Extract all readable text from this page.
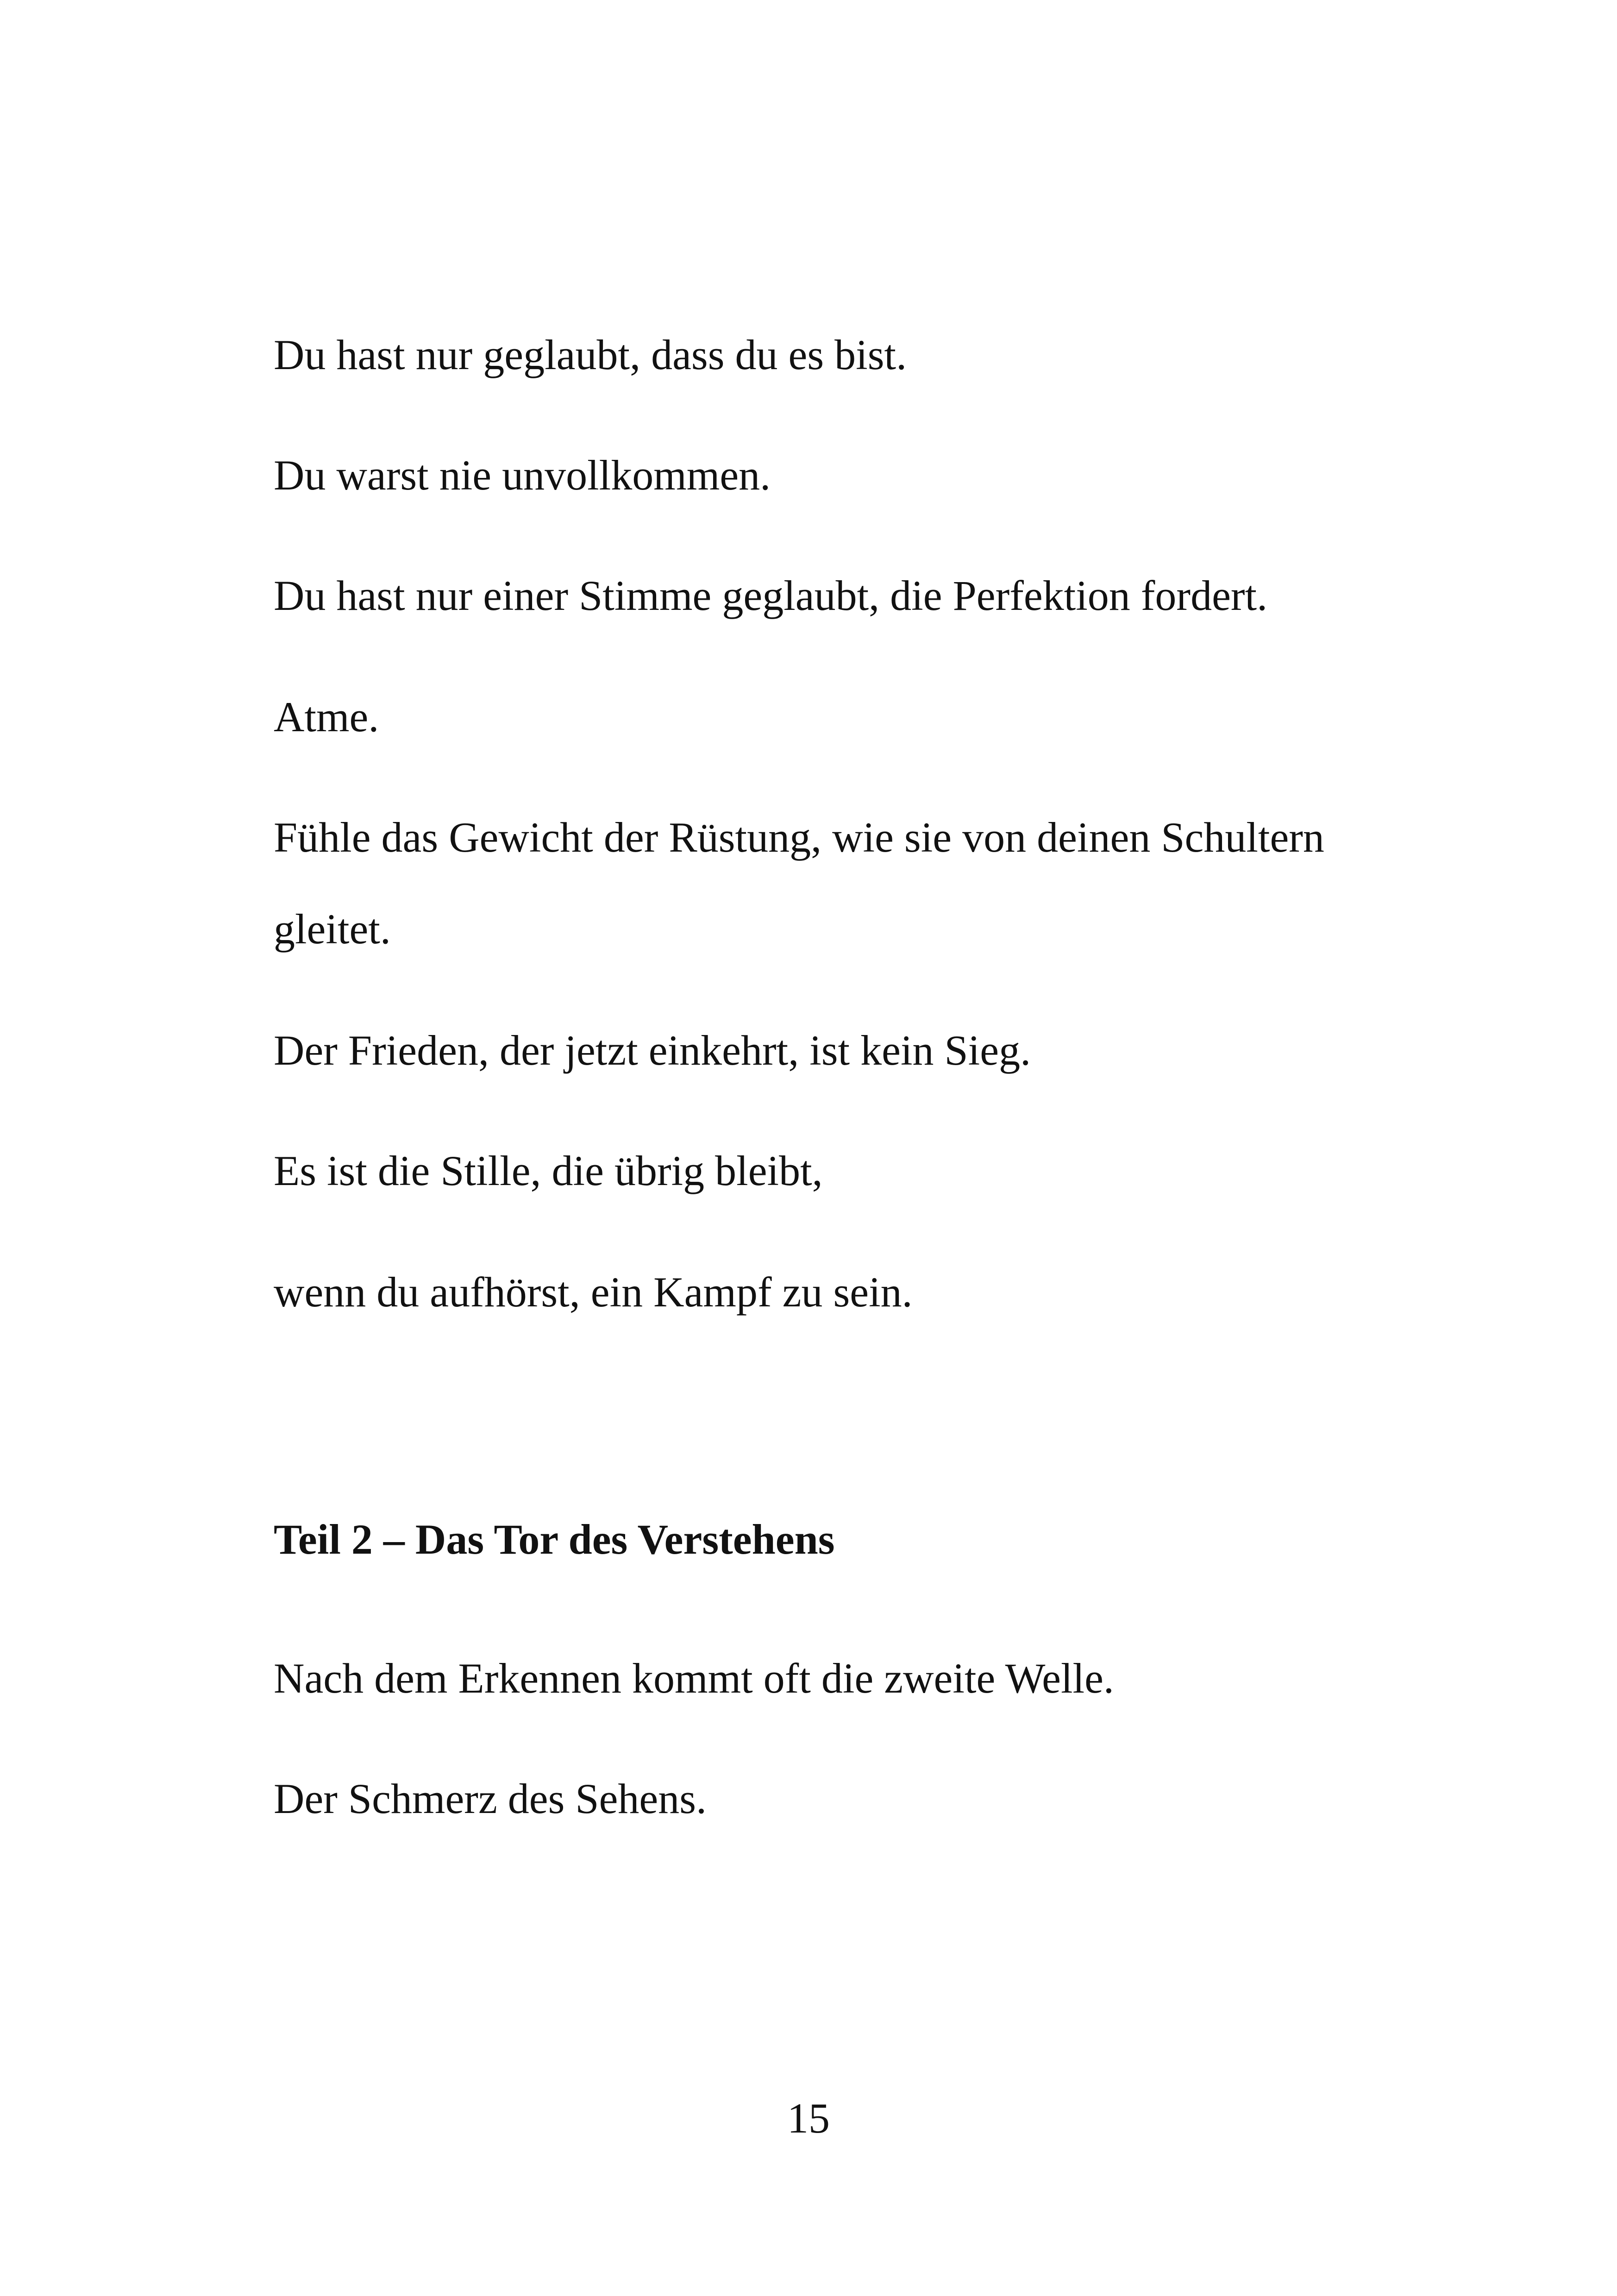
Du hast nur geglaubt, dass du es bist.

Du warst nie unvollkommen.

Du hast nur einer Stimme geglaubt, die Perfektion fordert.

Atme.

Fühle das Gewicht der Rüstung, wie sie von deinen Schultern

gleitet.

Der Frieden, der jetzt einkehrt, ist kein Sieg.

Es ist die Stille, die übrig bleibt,

wenn du aufhörst, ein Kampf zu sein.

Teil 2 – Das Tor des Verstehens

Nach dem Erkennen kommt oft die zweite Welle.

Der Schmerz des Sehens.

15
